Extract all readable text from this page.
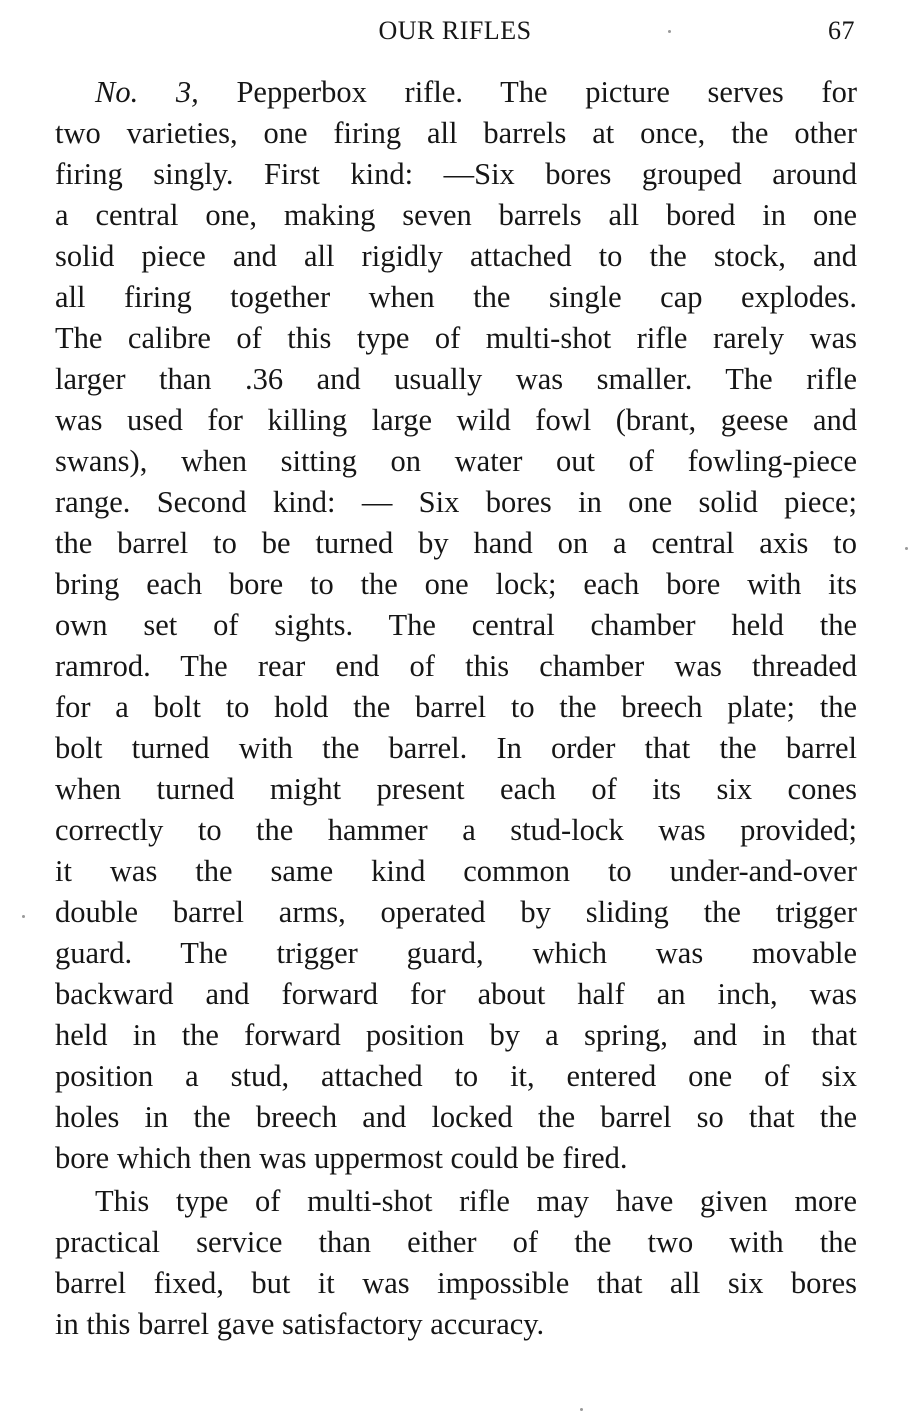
OUR RIFLES	67
No. 3, Pepperbox rifle. The picture serves for
two varieties, one firing all barrels at once, the other
firing singly. First kind: —Six bores grouped around
a central one, making seven barrels all bored in one
solid piece and all rigidly attached to the stock, and
all firing together when the single cap explodes.
The calibre of this type of multi-shot rifle rarely was
larger than .36 and usually was smaller. The rifle
was used for killing large wild fowl (brant, geese and
swans), when sitting on water out of fowling-piece
range. Second kind: — Six bores in one solid piece;
the barrel to be turned by hand on a central axis to
bring each bore to the one lock; each bore with its
own set of sights. The central chamber held the
ramrod. The rear end of this chamber was threaded
for a bolt to hold the barrel to the breech plate; the
bolt turned with the barrel. In order that the barrel
when turned might present each of its six cones
correctly to the hammer a stud-lock was provided;
it was the same kind common to under-and-over
double barrel arms, operated by sliding the trigger
guard. The trigger guard, which was movable
backward and forward for about half an inch, was
held in the forward position by a spring, and in that
position a stud, attached to it, entered one of six
holes in the breech and locked the barrel so that the
bore which then was uppermost could be fired.
This type of multi-shot rifle may have given more
practical service than either of the two with the
barrel fixed, but it was impossible that all six bores
in this barrel gave satisfactory accuracy.
